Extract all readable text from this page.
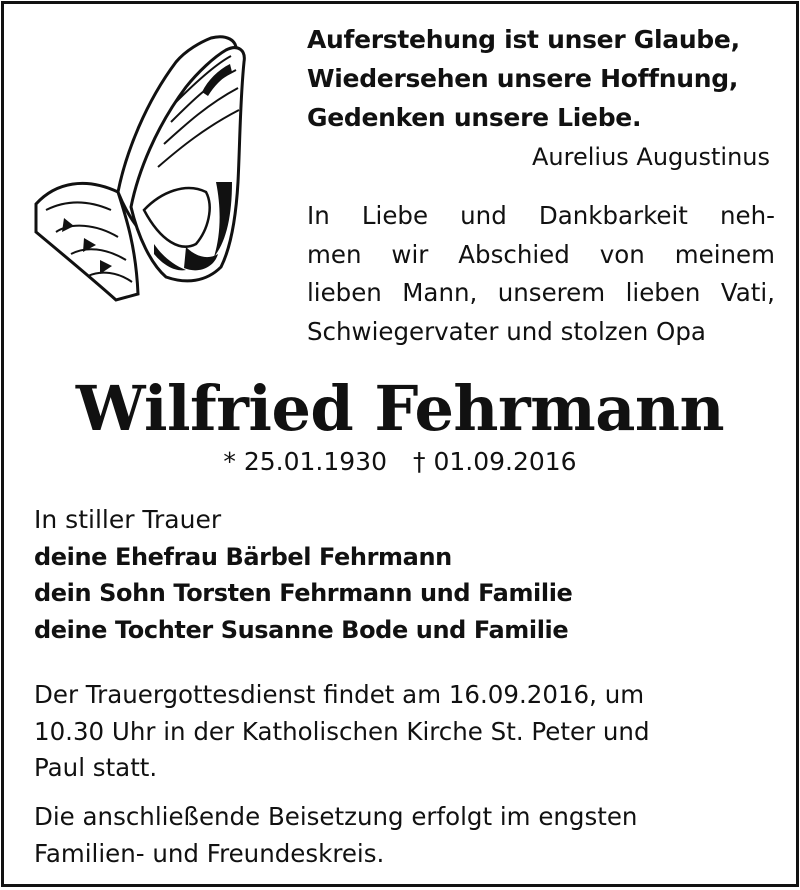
Auferstehung ist unser Glaube,
Wiedersehen unsere Hoffnung,
Gedenken unsere Liebe.
Aurelius Augustinus
In Liebe und Dankbarkeit neh-
men wir Abschied von meinem
lieben Mann, unserem lieben Vati,
Schwiegervater und stolzen Opa
Wilfried Fehrmann
* 25.01.1930 † 01.09.2016
In stiller Trauer
deine Ehefrau Bärbel Fehrmann
dein Sohn Torsten Fehrmann und Familie
deine Tochter Susanne Bode und Familie
Der Trauergottesdienst findet am 16.09.2016, um
10.30 Uhr in der Katholischen Kirche St. Peter und
Paul statt.
Die anschließende Beisetzung erfolgt im engsten
Familien- und Freundeskreis.
